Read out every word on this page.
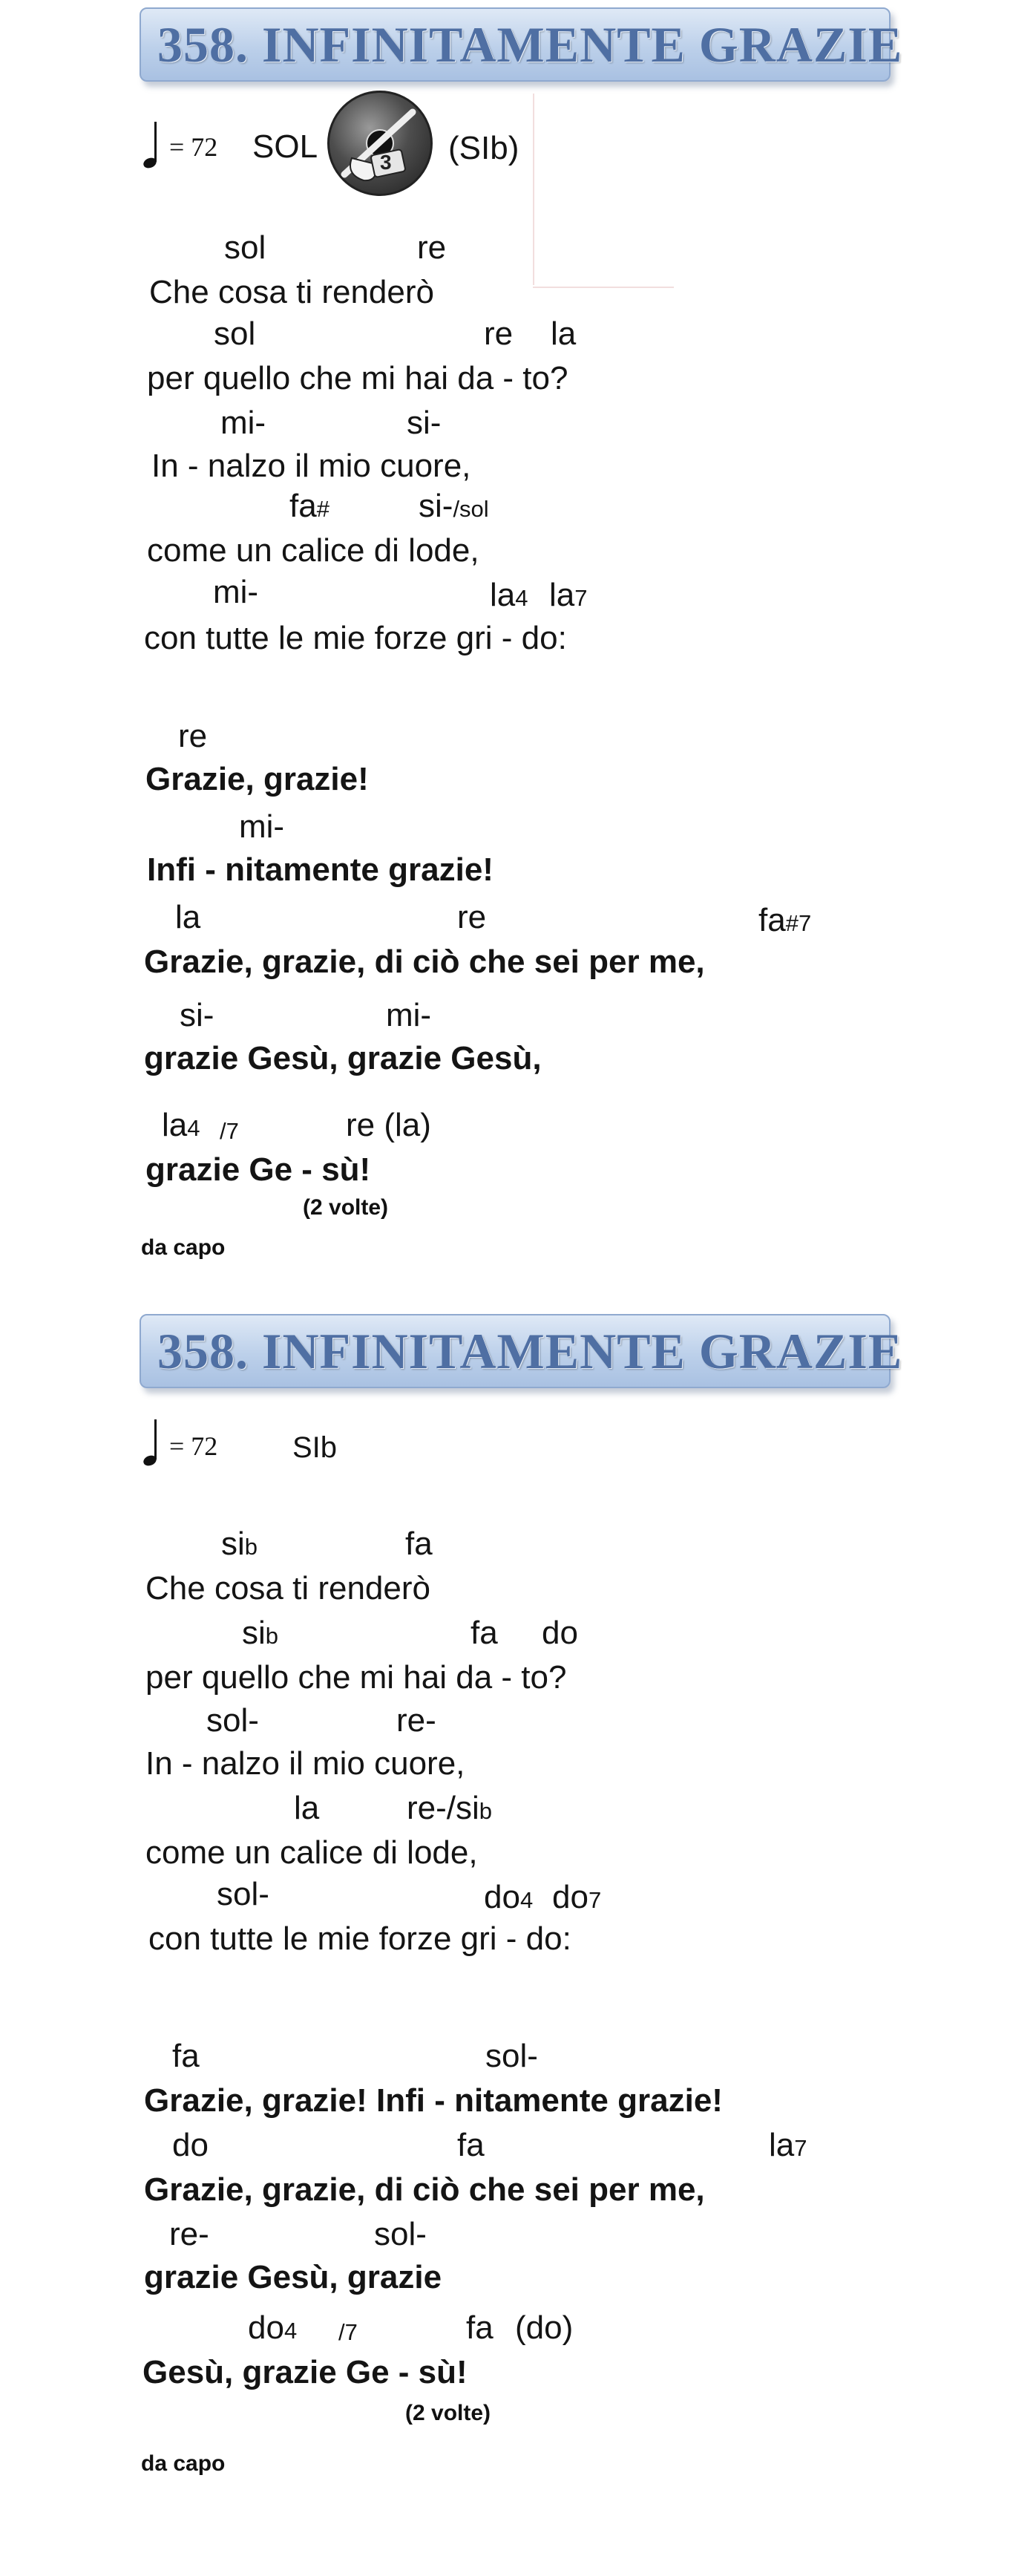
358. INFINITAMENTE GRAZIE
= 72 SOL	3 (SIb)
sol	re
Che cosa ti renderò
sol	re la
per quello che mi hai da - to?
mi-	si-
In - nalzo il mio cuore,
fa#	si-/sol
come un calice di lode,
mi-	la4 la7
con tutte le mie forze gri - do:
re
Grazie, grazie!
mi-
Infi - nitamente grazie!
la	re	fa#7
Grazie, grazie, di ciò che sei per me,
si-	mi-
grazie Gesù, grazie Gesù,
la4 /7	re (la)
grazie Ge - sù!
(2 volte)
da capo
358. INFINITAMENTE GRAZIE
= 72	SIb
sib	fa
Che cosa ti renderò
sib	fa do
per quello che mi hai da - to?
sol-	re-
In - nalzo il mio cuore,
la	re-/sib
come un calice di lode,
sol-	do4 do7
con tutte le mie forze gri - do:
fa	sol-
Grazie, grazie! Infi - nitamente grazie!
do	fa	la7
Grazie, grazie, di ciò che sei per me,
re-	sol-
grazie Gesù, grazie
do4 /7	fa (do)
Gesù, grazie Ge - sù!
(2 volte)
da capo
